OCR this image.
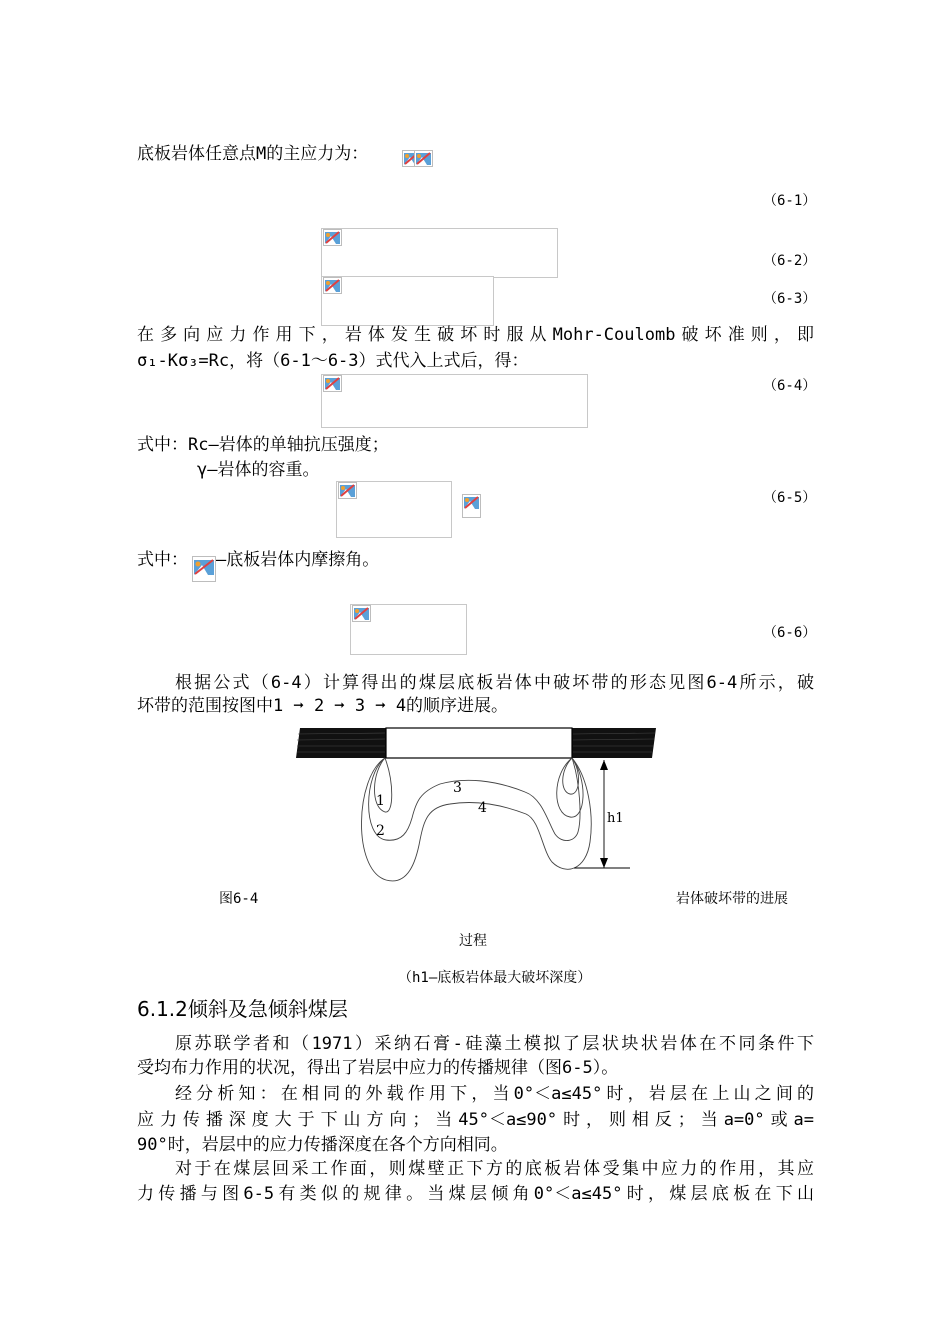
底板岩体任意点M的主应力为：
（6-1）
（6-2）
（6-3）
在多向应力作用下，岩体发生破坏时服从Mohr-Coulomb破坏准则，即
σ₁-Kσ₃=Rc，将（6-1～6-3）式代入上式后，得：
（6-4）
式中：Rc—岩体的单轴抗压强度；
γ—岩体的容重。
（6-5）
式中： —底板岩体内摩擦角。
（6-6）
根据公式（6-4）计算得出的煤层底板岩体中破坏带的形态见图6-4所示，破
坏带的范围按图中1 ➞ 2 ➞ 3 ➞ 4的顺序进展。
1
2
3
4
h1
图6-4	岩体破坏带的进展
过程
（h1—底板岩体最大破坏深度）
6.1.2倾斜及急倾斜煤层
原苏联学者和（1971）采纳石膏-硅藻土模拟了层状块状岩体在不同条件下
受均布力作用的状况，得出了岩层中应力的传播规律（图6-5）。
经分析知：在相同的外载作用下，当0°＜a≤45°时，岩层在上山之间的
应力传播深度大于下山方向；当45°＜a≤90°时，则相反；当a=0°或a=
90°时，岩层中的应力传播深度在各个方向相同。
对于在煤层回采工作面，则煤壁正下方的底板岩体受集中应力的作用，其应
力传播与图6-5有类似的规律。当煤层倾角0°＜a≤45°时，煤层底板在下山
